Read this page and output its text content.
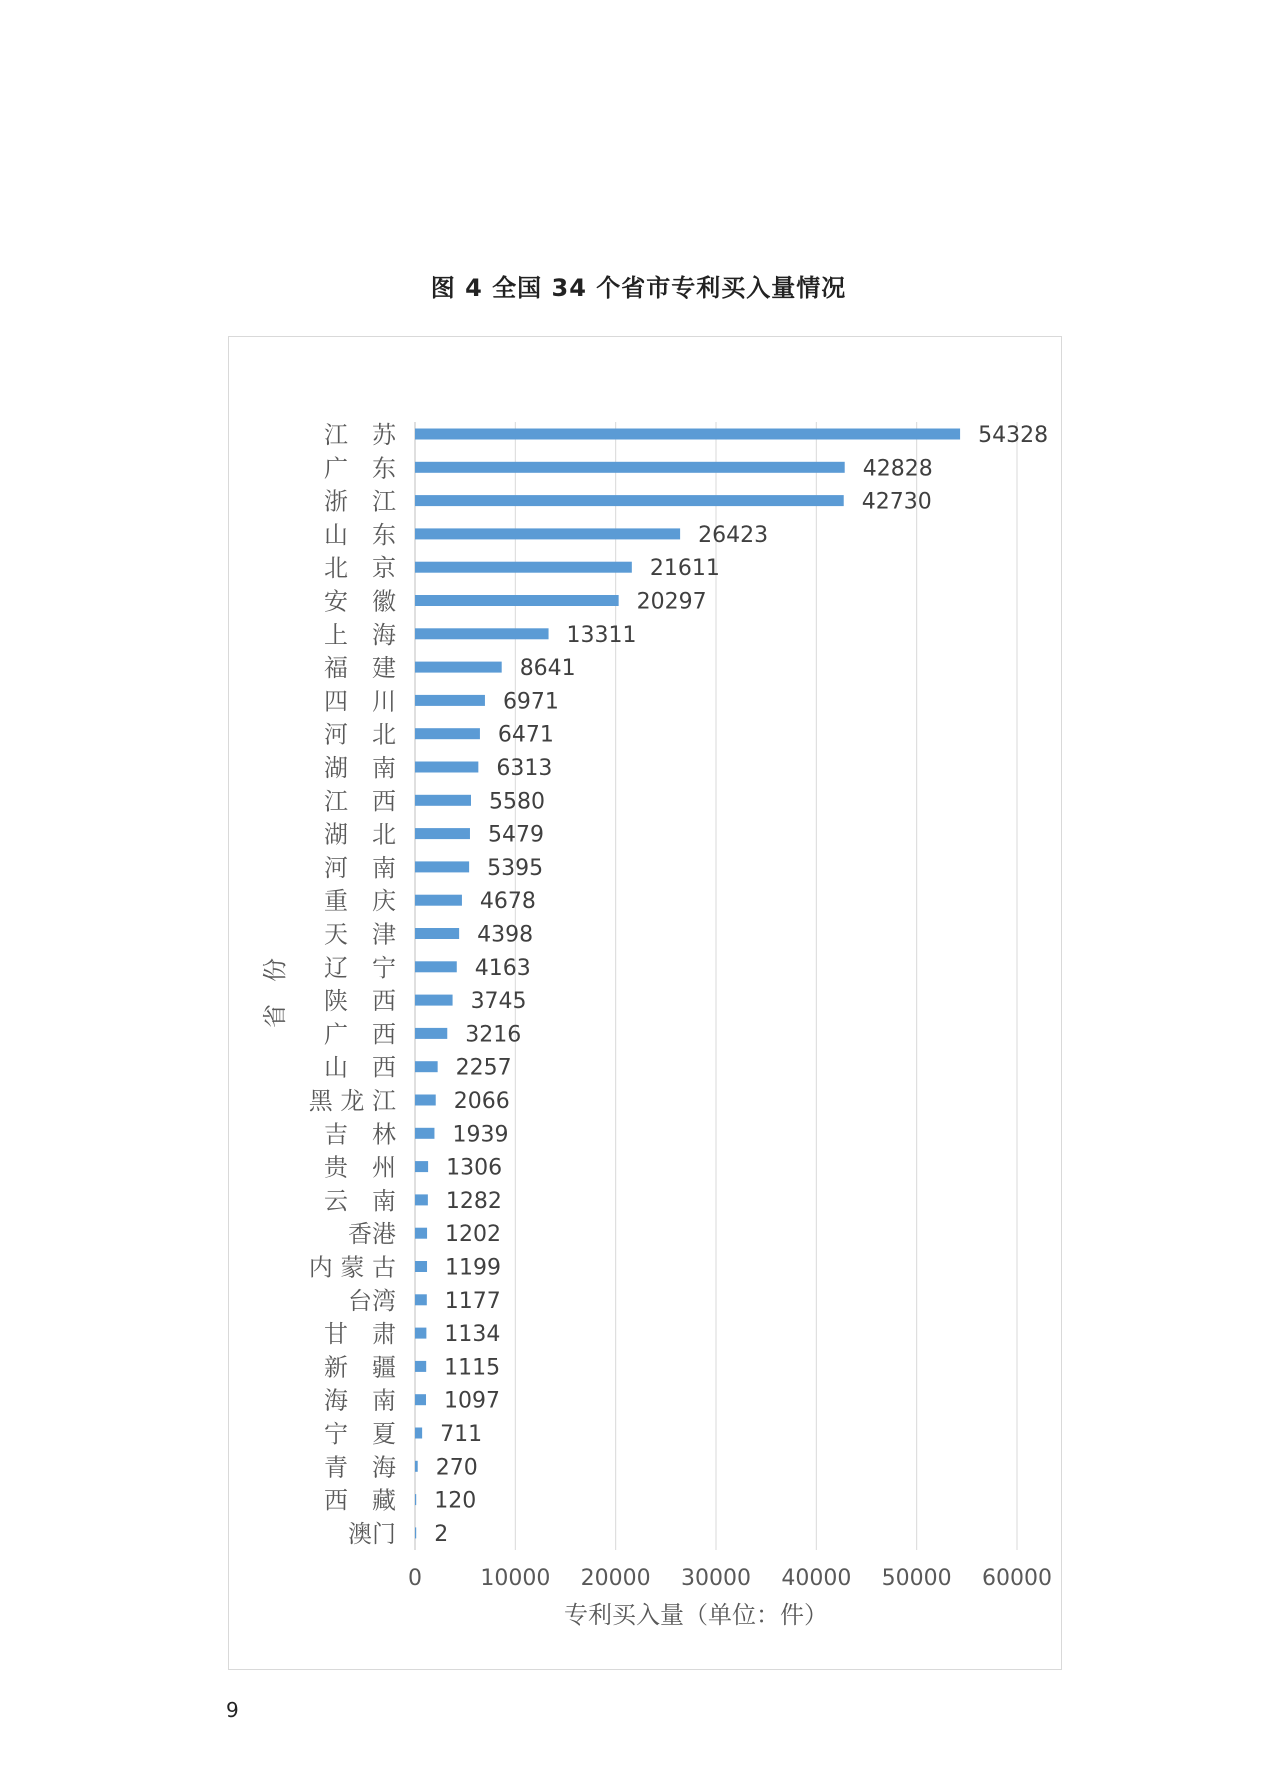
图 4 全国 34 个省市专利买入量情况
54328
42828
42730
26423
21611
20297
13311
8641
6971
6471
6313
5580
5479
5395
4678
4398
4163
3745
3216
2257
2066
1939
1306
1282
1202
1199
1177
1134
1115
1097
711
270
120
2
江　苏
广　东
浙　江
山　东
北　京
安　徽
上　海
福　建
四　川
河　北
湖　南
江　西
湖　北
河　南
重　庆
天　津
辽　宁
陕　西
广　西
山　西
黑 龙 江
吉　林
贵　州
云　南
香港
内 蒙 古
台湾
甘　肃
新　疆
海　南
宁　夏
青　海
西　藏
澳门
0	10000 20000 30000 40000 50000 60000
专利买入量（单位：件）
省份
9
